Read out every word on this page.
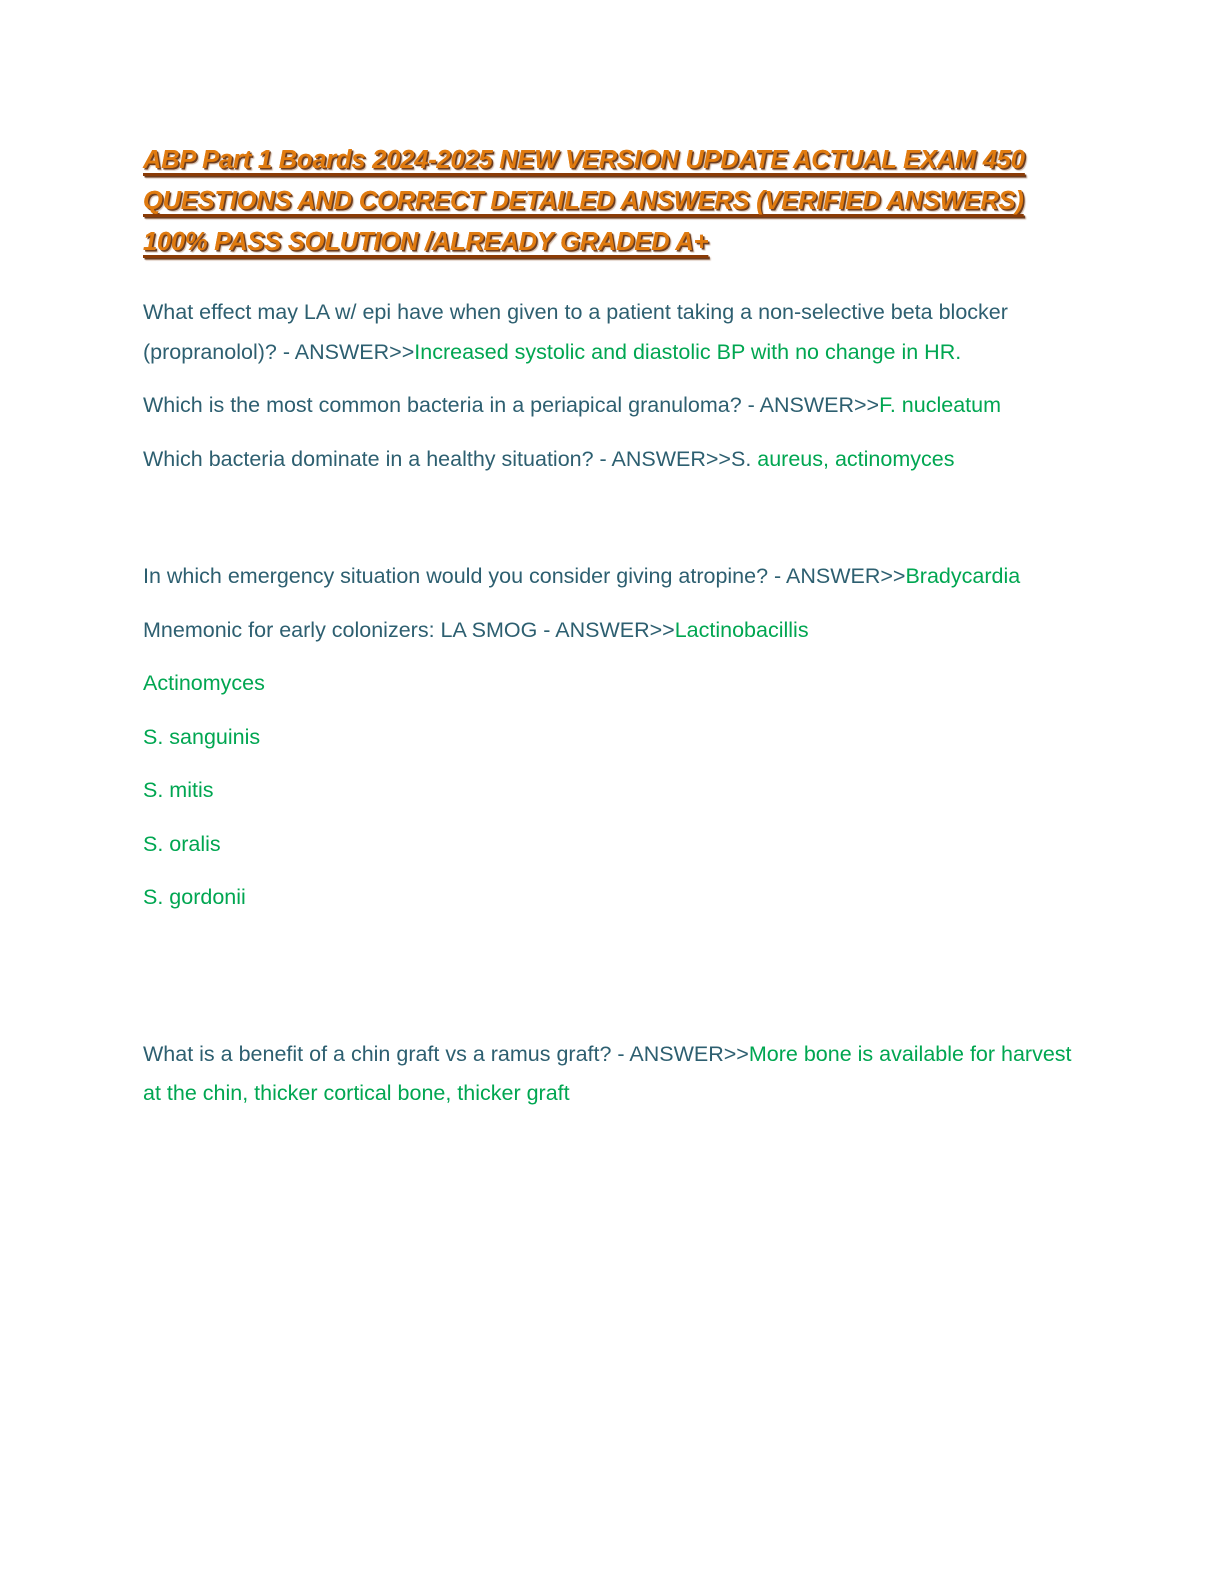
ABP Part 1 Boards 2024-2025 NEW VERSION UPDATE ACTUAL EXAM 450 QUESTIONS AND CORRECT DETAILED ANSWERS (VERIFIED ANSWERS) 100% PASS SOLUTION /ALREADY GRADED A+

What effect may LA w/ epi have when given to a patient taking a non-selective beta blocker (propranolol)? - ANSWER>>Increased systolic and diastolic BP with no change in HR.

Which is the most common bacteria in a periapical granuloma? - ANSWER>>F. nucleatum

Which bacteria dominate in a healthy situation? - ANSWER>>S. aureus, actinomyces

In which emergency situation would you consider giving atropine? - ANSWER>>Bradycardia

Mnemonic for early colonizers: LA SMOG - ANSWER>>Lactinobacillis

Actinomyces

S. sanguinis

S. mitis

S. oralis

S. gordonii

What is a benefit of a chin graft vs a ramus graft? - ANSWER>>More bone is available for harvest at the chin, thicker cortical bone, thicker graft
